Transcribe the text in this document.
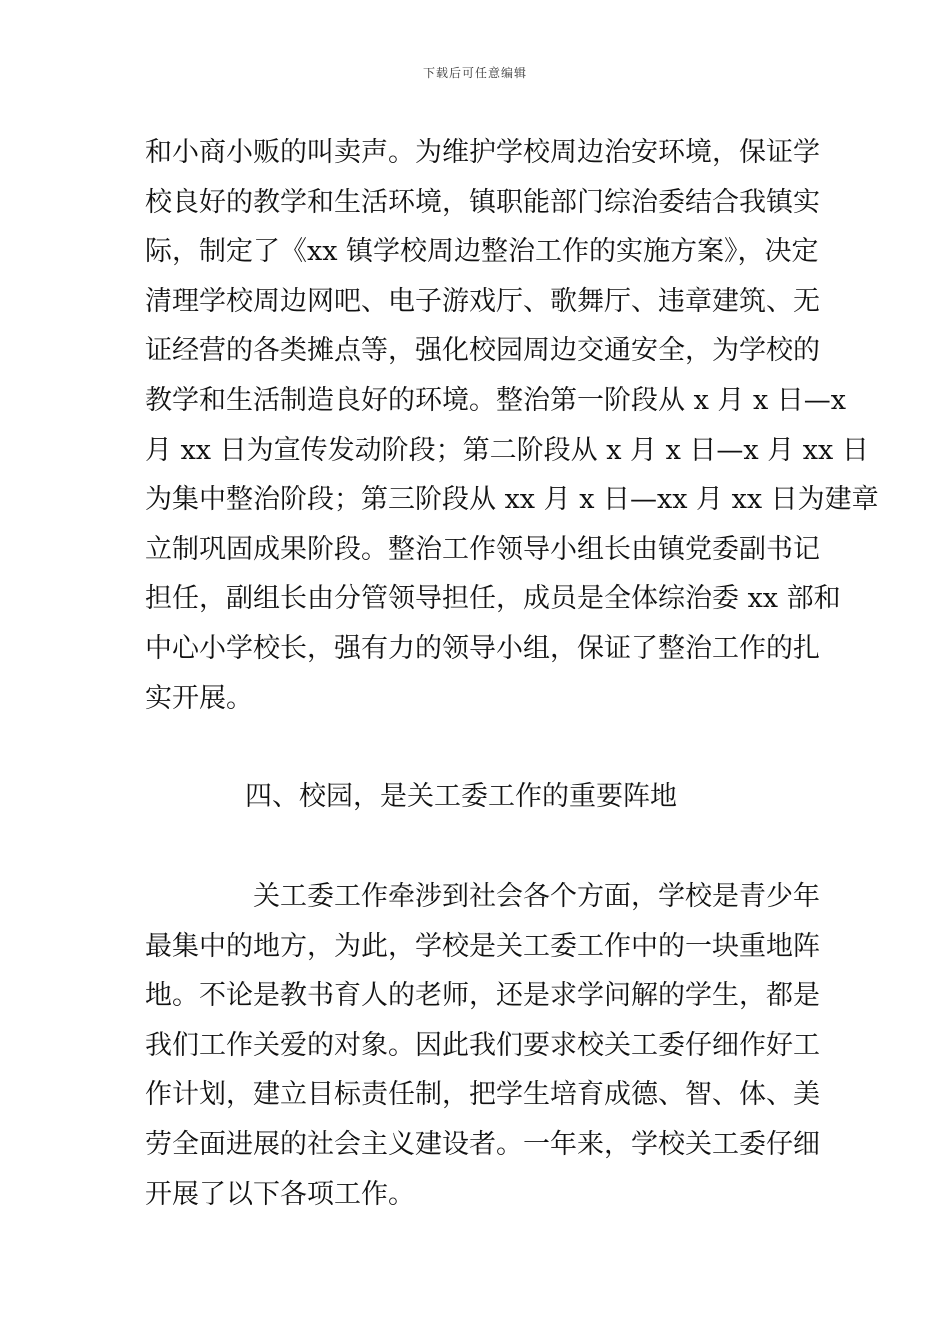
下载后可任意编辑
和小商小贩的叫卖声。为维护学校周边治安环境，保证学
校良好的教学和生活环境，镇职能部门综治委结合我镇实
际，制定了《xx 镇学校周边整治工作的实施方案》，决定
清理学校周边网吧、电子游戏厅、歌舞厅、违章建筑、无
证经营的各类摊点等，强化校园周边交通安全，为学校的
教学和生活制造良好的环境。整治第一阶段从 x 月 x 日—x
月 xx 日为宣传发动阶段；第二阶段从 x 月 x 日—x 月 xx 日
为集中整治阶段；第三阶段从 xx 月 x 日—xx 月 xx 日为建章
立制巩固成果阶段。整治工作领导小组长由镇党委副书记
担任，副组长由分管领导担任，成员是全体综治委 xx 部和
中心小学校长，强有力的领导小组，保证了整治工作的扎
实开展。
四、校园，是关工委工作的重要阵地
关工委工作牵涉到社会各个方面，学校是青少年
最集中的地方，为此，学校是关工委工作中的一块重地阵
地。不论是教书育人的老师，还是求学问解的学生，都是
我们工作关爱的对象。因此我们要求校关工委仔细作好工
作计划，建立目标责任制，把学生培育成德、智、体、美
劳全面进展的社会主义建设者。一年来，学校关工委仔细
开展了以下各项工作。
